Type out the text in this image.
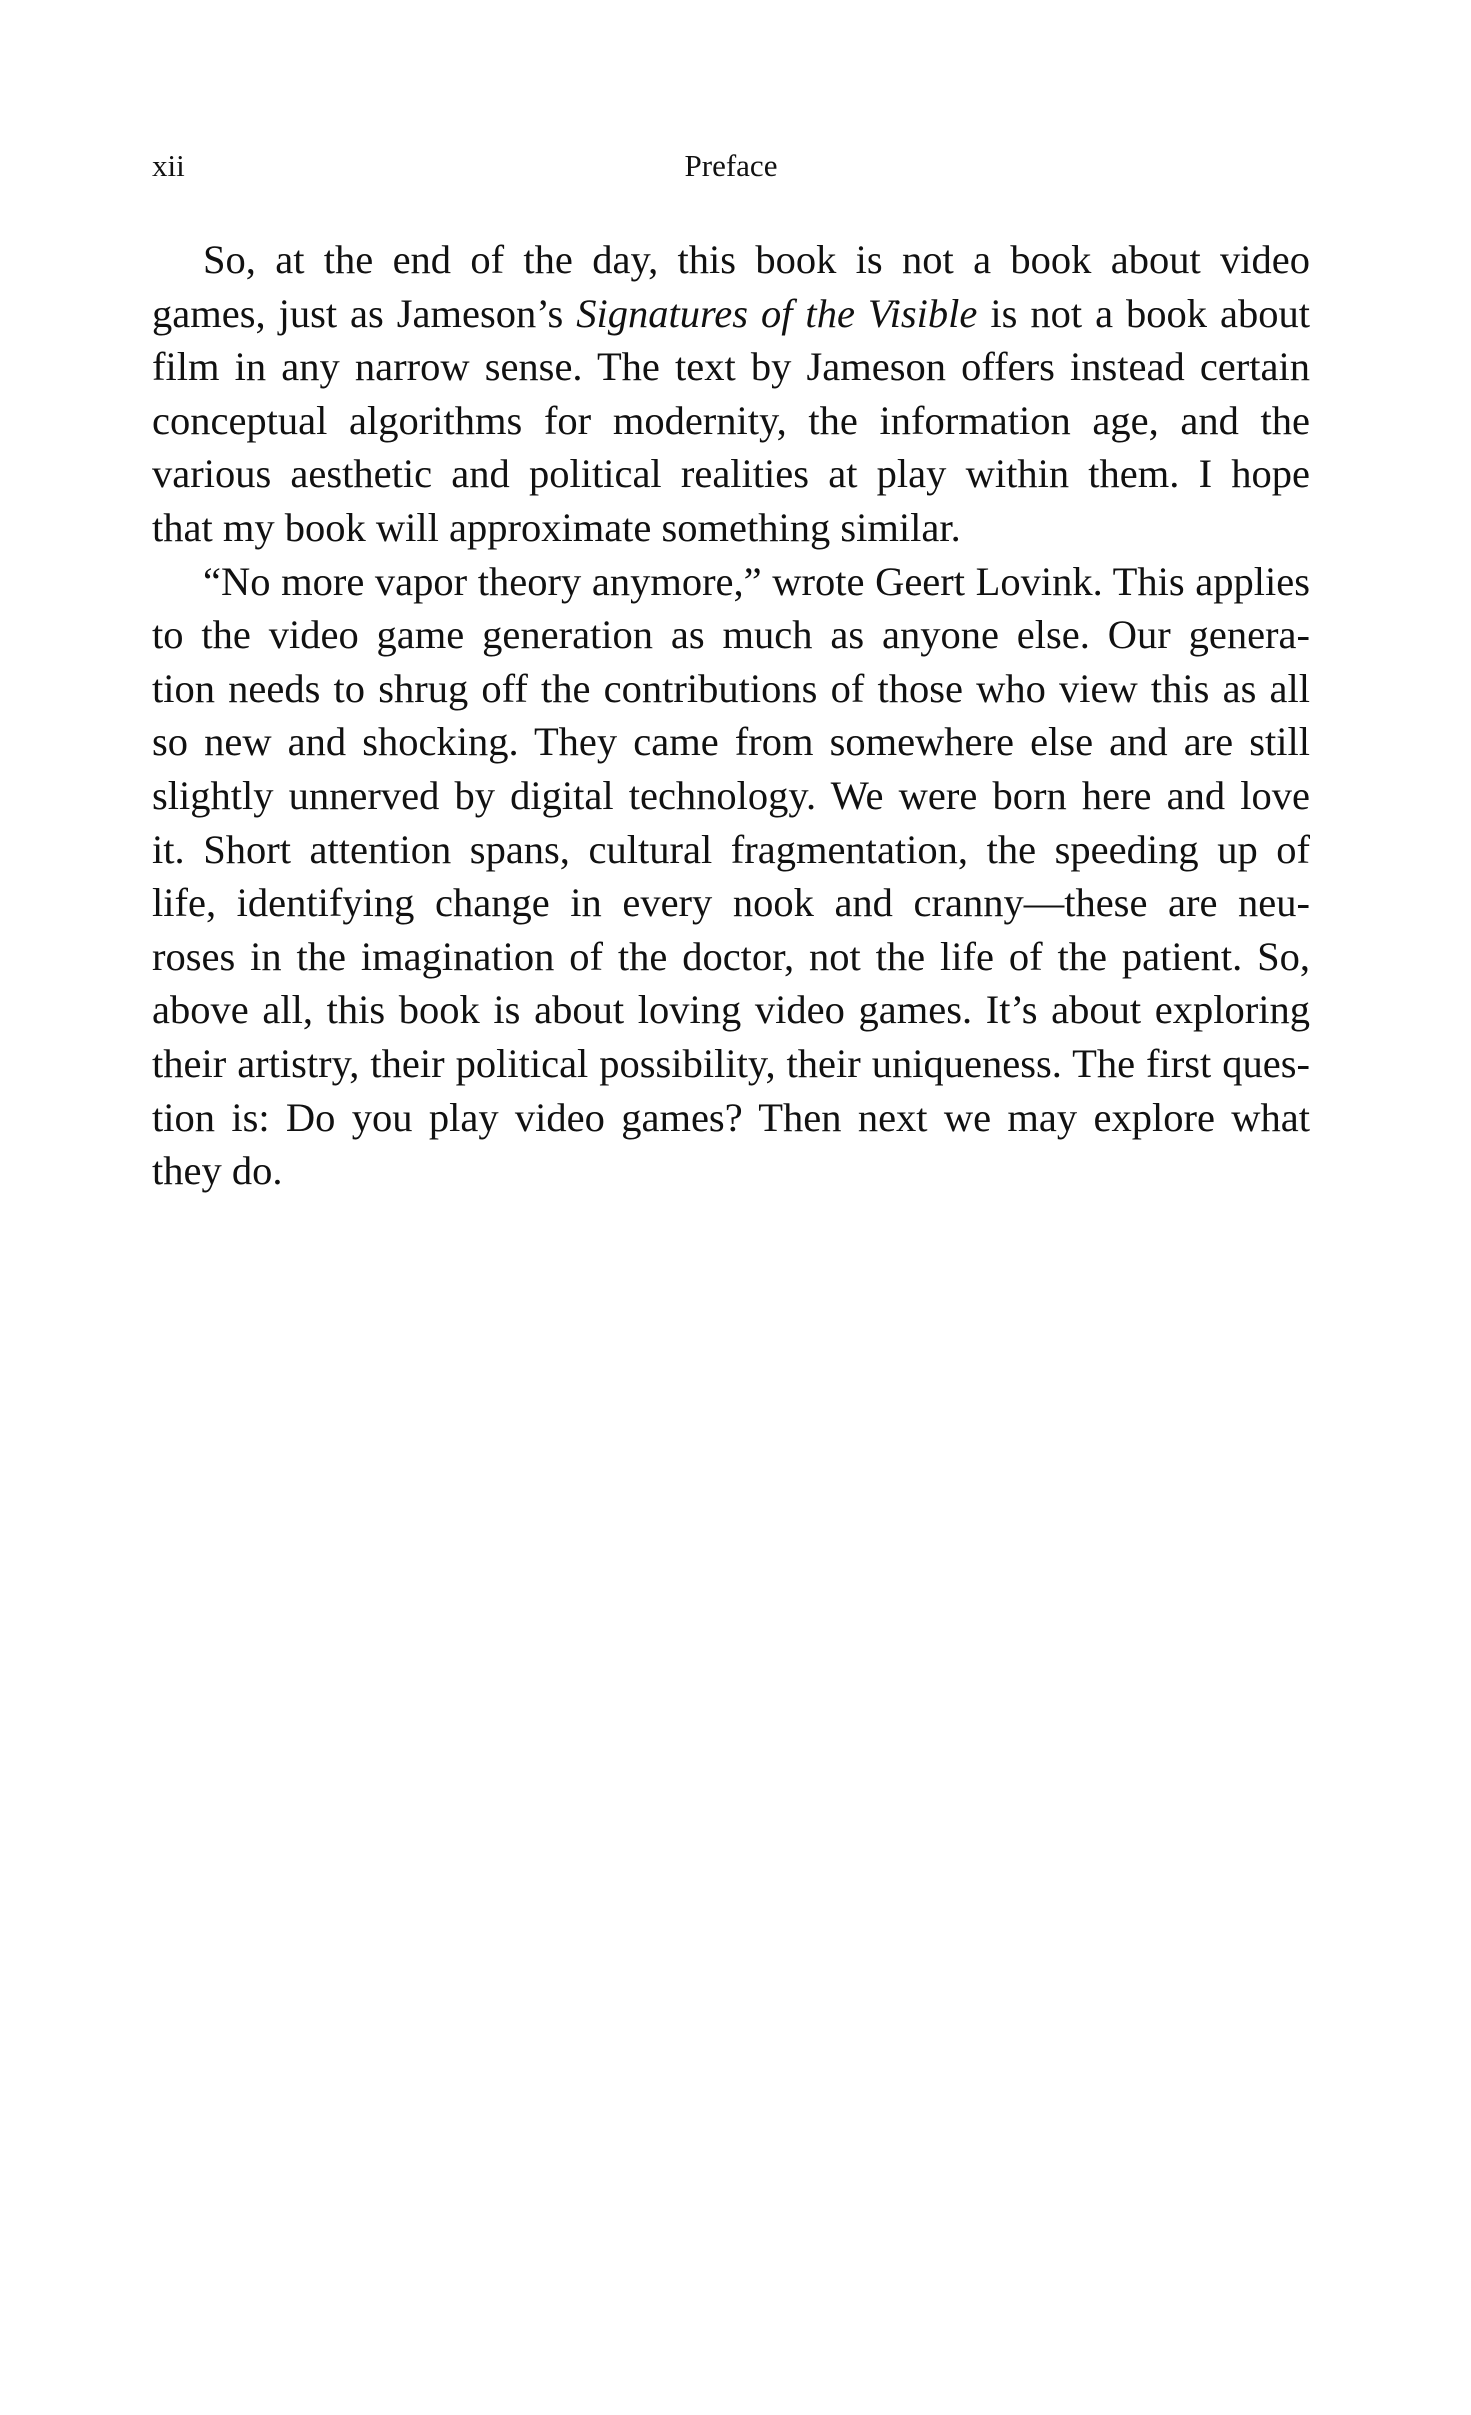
xii	Preface

So, at the end of the day, this book is not a book about video
games, just as Jameson’s Signatures of the Visible is not a book about
film in any narrow sense. The text by Jameson offers instead certain
conceptual algorithms for modernity, the information age, and the
various aesthetic and political realities at play within them. I hope
that my book will approximate something similar.

“No more vapor theory anymore,” wrote Geert Lovink. This applies
to the video game generation as much as anyone else. Our genera-
tion needs to shrug off the contributions of those who view this as all
so new and shocking. They came from somewhere else and are still
slightly unnerved by digital technology. We were born here and love
it. Short attention spans, cultural fragmentation, the speeding up of
life, identifying change in every nook and cranny—these are neu-
roses in the imagination of the doctor, not the life of the patient. So,
above all, this book is about loving video games. It’s about exploring
their artistry, their political possibility, their uniqueness. The first ques-
tion is: Do you play video games? Then next we may explore what
they do.
